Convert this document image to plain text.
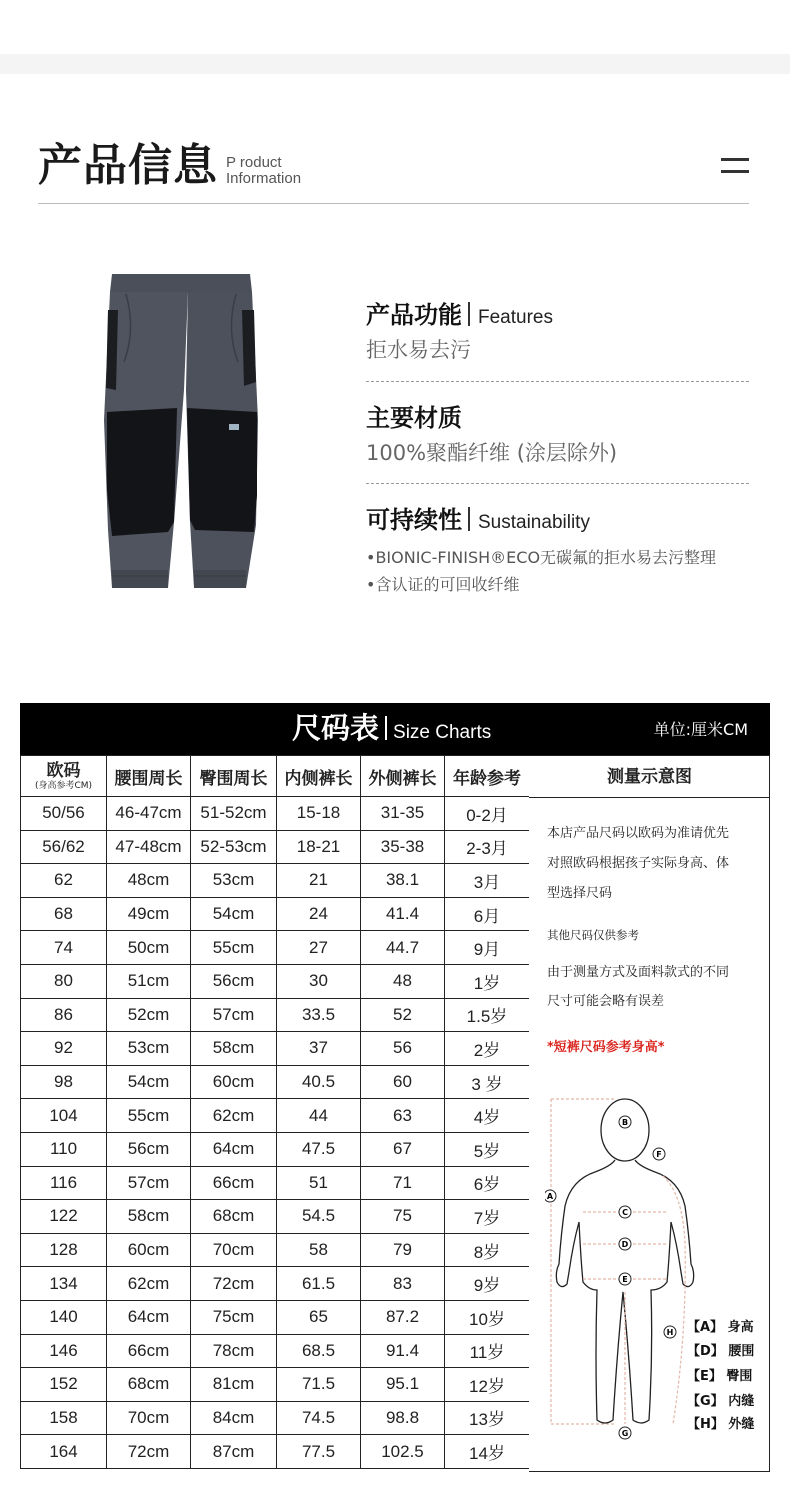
产品信息 P roduct
Information
产品功能 Features
拒水易去污
主要材质
100%聚酯纤维 (涂层除外)
可持续性 Sustainability
•BIONIC-FINISH®ECO无碳氟的拒水易去污整理
•含认证的可回收纤维
尺码表 Size Charts	单位:厘米CM
欧码
(身高参考CM)	腰围周长	臀围周长	内侧裤长	外侧裤长	年龄参考
50/56	46-47cm	51-52cm	15-18	31-35	0-2月
56/62	47-48cm	52-53cm	18-21	35-38	2-3月
62	48cm	53cm	21	38.1	3月
68	49cm	54cm	24	41.4	6月
74	50cm	55cm	27	44.7	9月
80	51cm	56cm	30	48	1岁
86	52cm	57cm	33.5	52	1.5岁
92	53cm	58cm	37	56	2岁
98	54cm	60cm	40.5	60	3 岁
104	55cm	62cm	44	63	4岁
110	56cm	64cm	47.5	67	5岁
116	57cm	66cm	51	71	6岁
122	58cm	68cm	54.5	75	7岁
128	60cm	70cm	58	79	8岁
134	62cm	72cm	61.5	83	9岁
140	64cm	75cm	65	87.2	10岁
146	66cm	78cm	68.5	91.4	11岁
152	68cm	81cm	71.5	95.1	12岁
158	70cm	84cm	74.5	98.8	13岁
164	72cm	87cm	77.5	102.5	14岁
测量示意图
本店产品尺码以欧码为准请优先
对照欧码根据孩子实际身高、体
型选择尺码
其他尺码仅供参考
由于测量方式及面料款式的不同
尺寸可能会略有误差
*短裤尺码参考身高*
A
B
C
D
E
F
G
H 【A】 身高
【D】 腰围
【E】 臀围
【G】 内缝
【H】 外缝
